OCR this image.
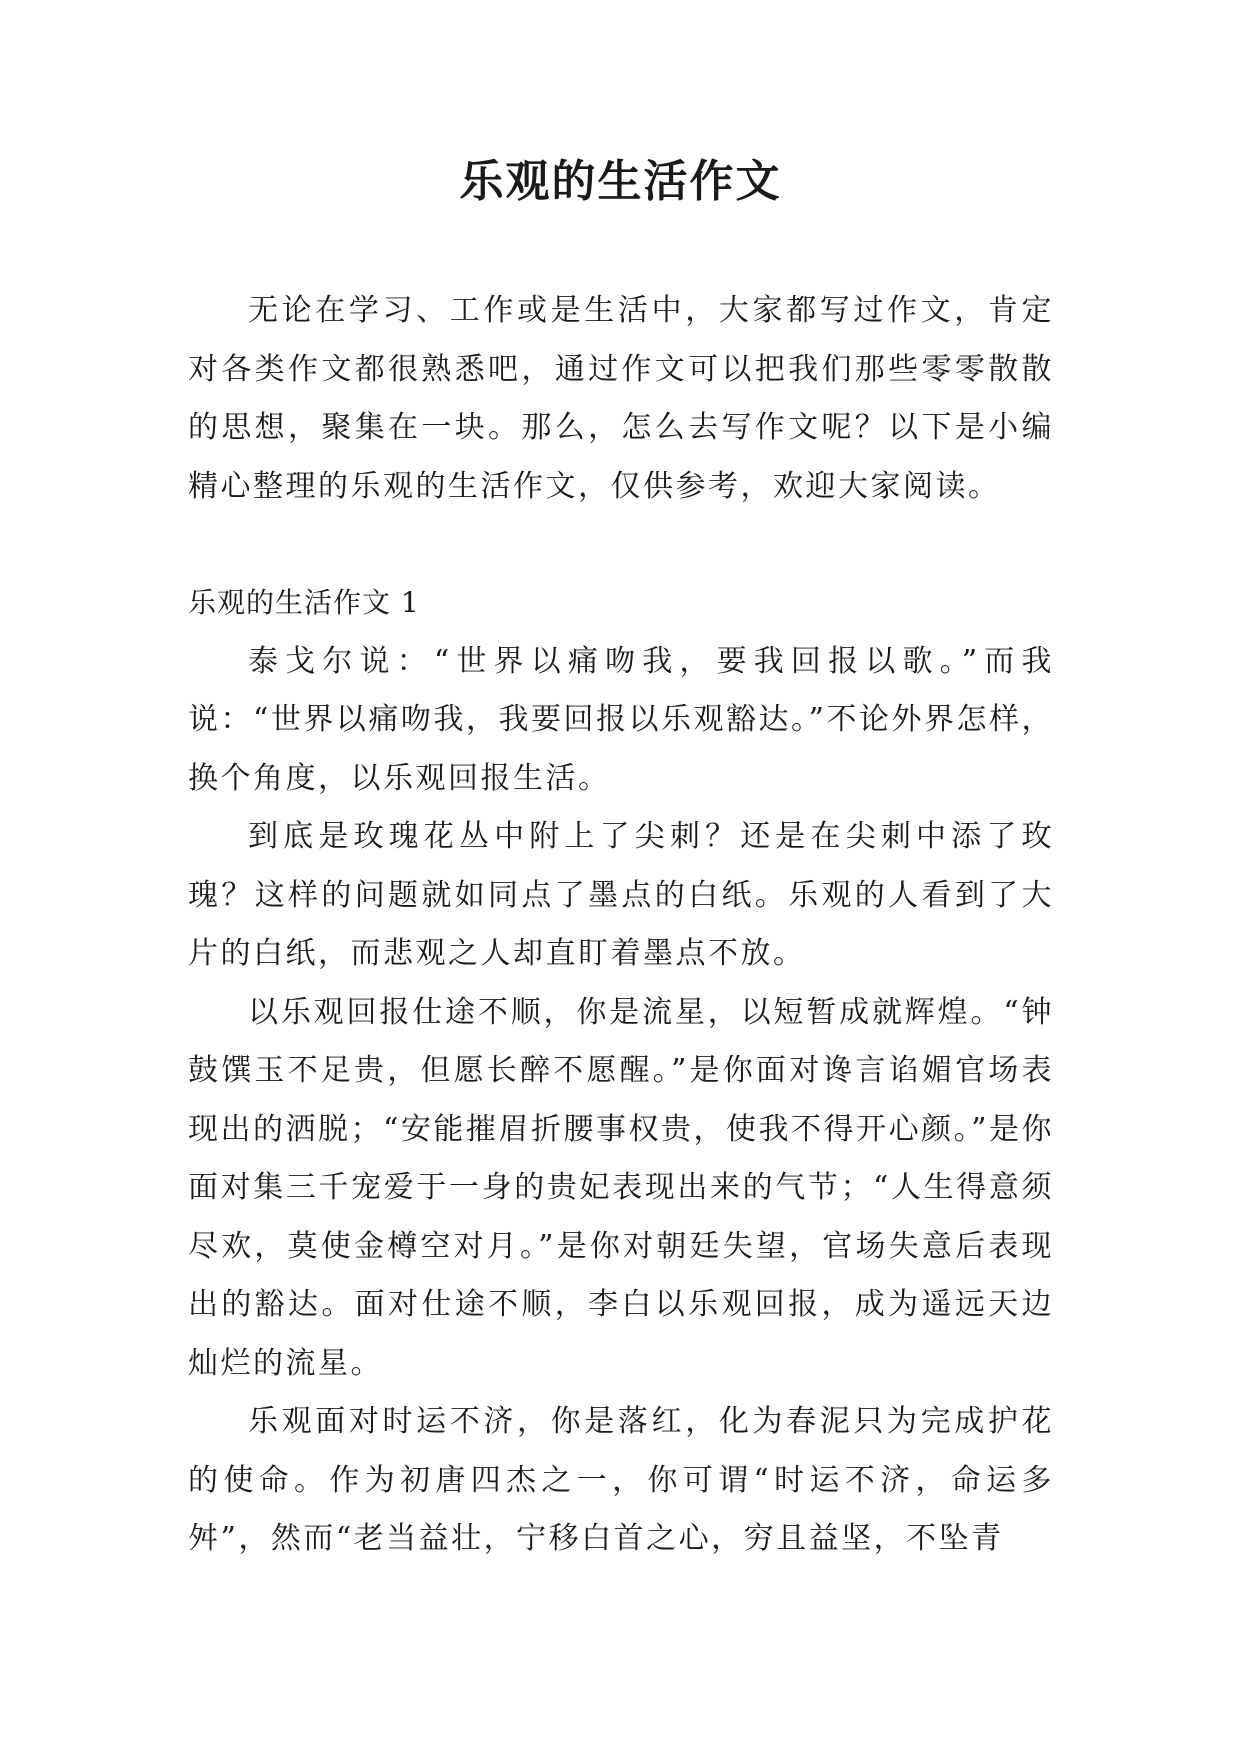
乐观的生活作文

无论在学习、工作或是生活中，大家都写过作文，肯定对各类作文都很熟悉吧，通过作文可以把我们那些零零散散的思想，聚集在一块。那么，怎么去写作文呢？以下是小编精心整理的乐观的生活作文，仅供参考，欢迎大家阅读。

乐观的生活作文 1

泰戈尔说：“世界以痛吻我，要我回报以歌。”而我说：“世界以痛吻我，我要回报以乐观豁达。”不论外界怎样，换个角度，以乐观回报生活。

到底是玫瑰花丛中附上了尖刺？还是在尖刺中添了玫瑰？这样的问题就如同点了墨点的白纸。乐观的人看到了大片的白纸，而悲观之人却直盯着墨点不放。

以乐观回报仕途不顺，你是流星，以短暂成就辉煌。“钟鼓馔玉不足贵，但愿长醉不愿醒。”是你面对谗言谄媚官场表现出的洒脱；“安能摧眉折腰事权贵，使我不得开心颜。”是你面对集三千宠爱于一身的贵妃表现出来的气节；“人生得意须尽欢，莫使金樽空对月。”是你对朝廷失望，官场失意后表现出的豁达。面对仕途不顺，李白以乐观回报，成为遥远天边灿烂的流星。

乐观面对时运不济，你是落红，化为春泥只为完成护花的使命。作为初唐四杰之一，你可谓“时运不济，命运多舛”，然而“老当益壮，宁移白首之心，穷且益坚，不坠青
